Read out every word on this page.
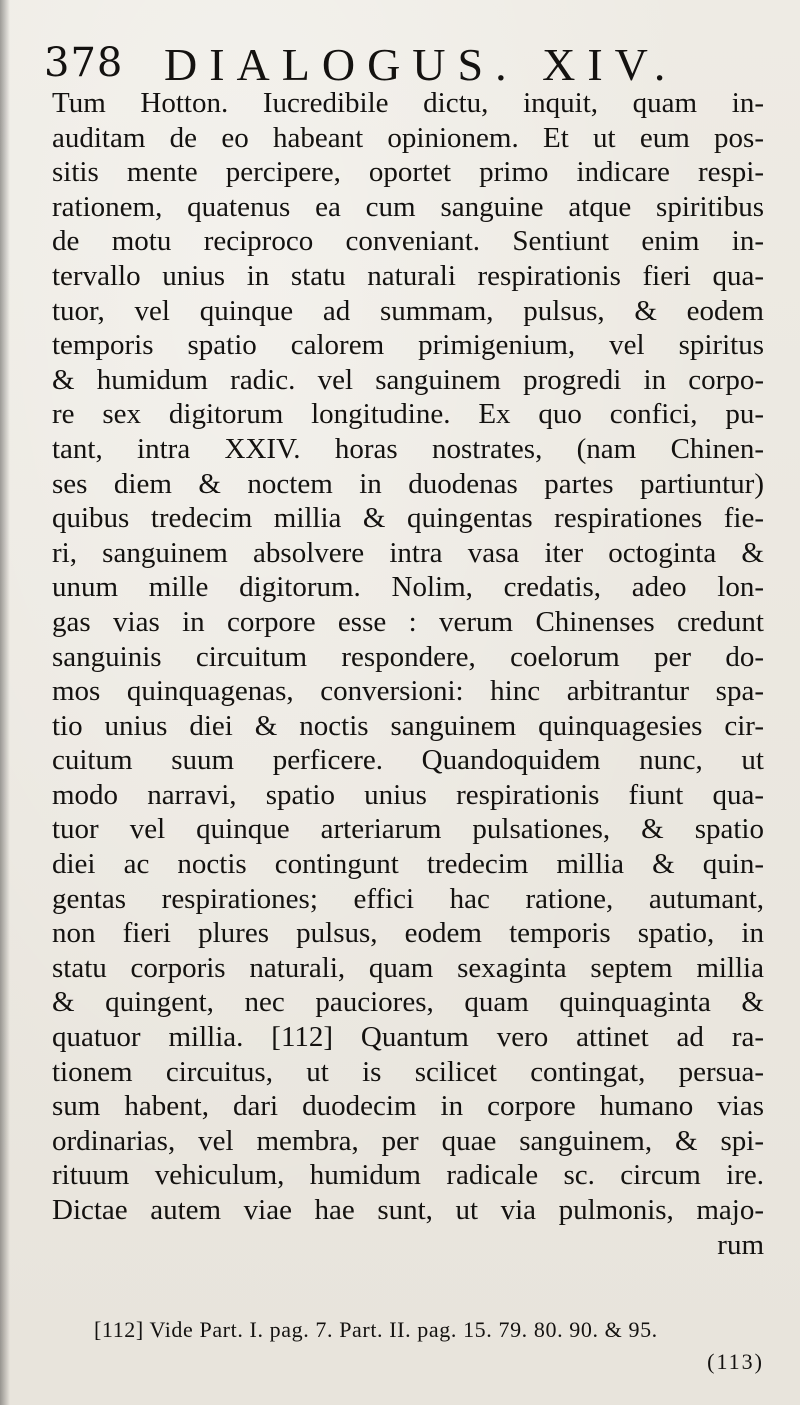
378 DIALOGUS. XIV.
Tum Hotton. Iucredibile dictu, inquit, quam in-
auditam de eo habeant opinionem. Et ut eum pos-
sitis mente percipere, oportet primo indicare respi-
rationem, quatenus ea cum sanguine atque spiritibus
de motu reciproco conveniant. Sentiunt enim in-
tervallo unius in statu naturali respirationis fieri qua-
tuor, vel quinque ad summam, pulsus, & eodem
temporis spatio calorem primigenium, vel spiritus
& humidum radic. vel sanguinem progredi in corpo-
re sex digitorum longitudine. Ex quo confici, pu-
tant, intra XXIV. horas nostrates, (nam Chinen-
ses diem & noctem in duodenas partes partiuntur)
quibus tredecim millia & quingentas respirationes fie-
ri, sanguinem absolvere intra vasa iter octoginta &
unum mille digitorum. Nolim, credatis, adeo lon-
gas vias in corpore esse : verum Chinenses credunt
sanguinis circuitum respondere, coelorum per do-
mos quinquagenas, conversioni: hinc arbitrantur spa-
tio unius diei & noctis sanguinem quinquagesies cir-
cuitum suum perficere. Quandoquidem nunc, ut
modo narravi, spatio unius respirationis fiunt qua-
tuor vel quinque arteriarum pulsationes, & spatio
diei ac noctis contingunt tredecim millia & quin-
gentas respirationes; effici hac ratione, autumant,
non fieri plures pulsus, eodem temporis spatio, in
statu corporis naturali, quam sexaginta septem millia
& quingent, nec pauciores, quam quinquaginta &
quatuor millia. [112] Quantum vero attinet ad ra-
tionem circuitus, ut is scilicet contingat, persua-
sum habent, dari duodecim in corpore humano vias
ordinarias, vel membra, per quae sanguinem, & spi-
rituum vehiculum, humidum radicale sc. circum ire.
Dictae autem viae hae sunt, ut via pulmonis, majo-
rum
[112] Vide Part. I. pag. 7. Part. II. pag. 15. 79. 80. 90. & 95.
(113)
